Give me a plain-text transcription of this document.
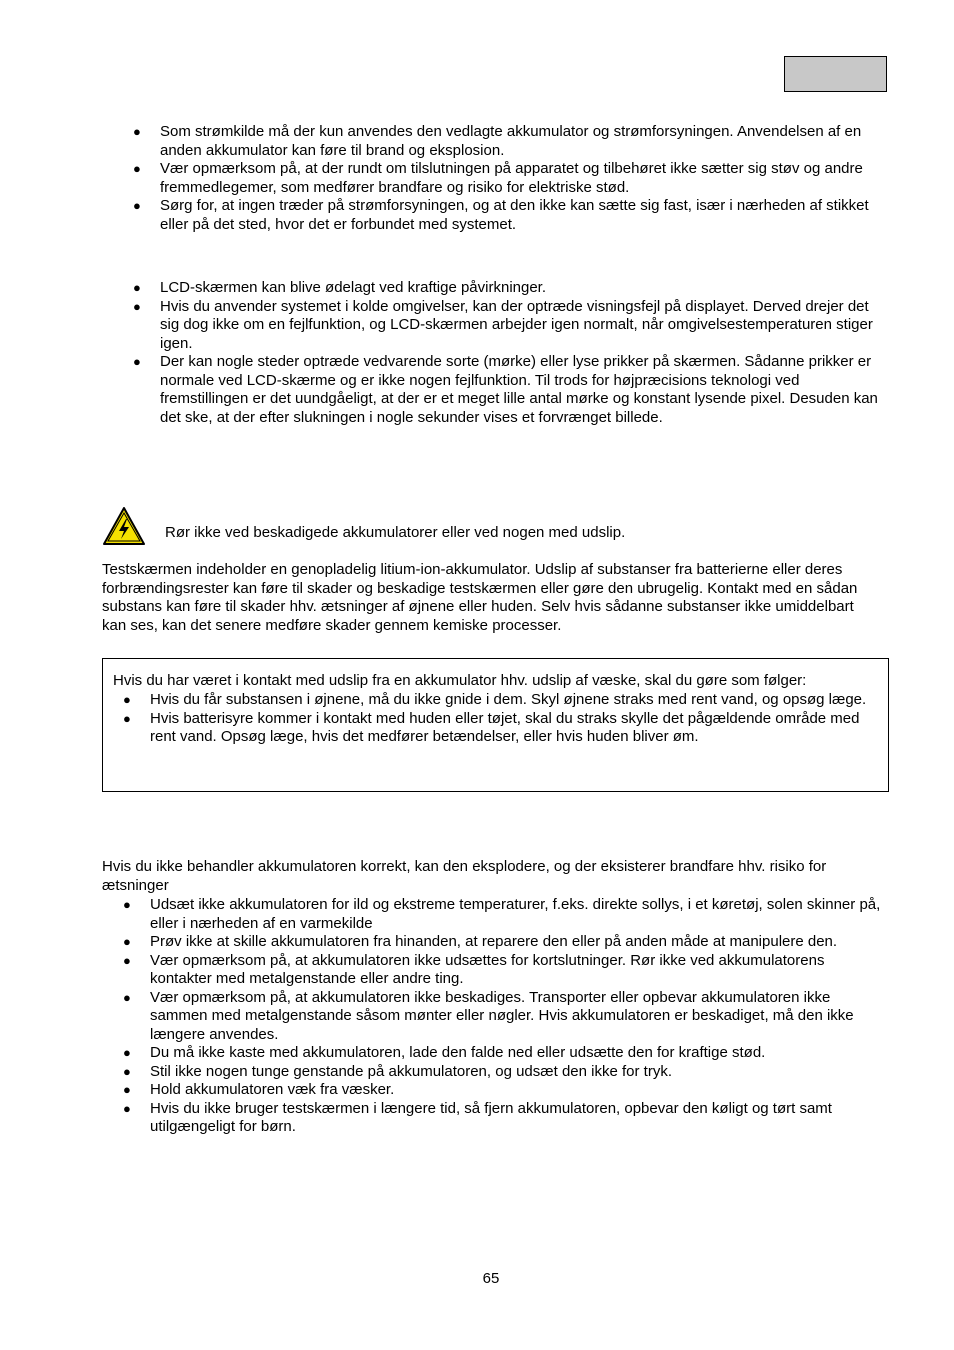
● Som strømkilde må der kun anvendes den vedlagte akkumulator og strømforsyningen. Anvendelsen af en anden akkumulator kan føre til brand og eksplosion.
● Vær opmærksom på, at der rundt om tilslutningen på apparatet og tilbehøret ikke sætter sig støv og andre fremmedlegemer, som medfører brandfare og risiko for elektriske stød.
● Sørg for, at ingen træder på strømforsyningen, og at den ikke kan sætte sig fast, især i nærheden af stikket eller på det sted, hvor det er forbundet med systemet.
● LCD-skærmen kan blive ødelagt ved kraftige påvirkninger.
● Hvis du anvender systemet i kolde omgivelser, kan der optræde visningsfejl på displayet. Derved drejer det sig dog ikke om en fejlfunktion, og LCD-skærmen arbejder igen normalt, når omgivelsestemperaturen stiger igen.
● Der kan nogle steder optræde vedvarende sorte (mørke) eller lyse prikker på skærmen. Sådanne prikker er normale ved LCD-skærme og er ikke nogen fejlfunktion. Til trods for højpræcisions teknologi ved fremstillingen er det uundgåeligt, at der er et meget lille antal mørke og konstant lysende pixel. Desuden kan det ske, at der efter slukningen i nogle sekunder vises et forvrænget billede.
Rør ikke ved beskadigede akkumulatorer eller ved nogen med udslip.

Testskærmen indeholder en genopladelig litium-ion-akkumulator. Udslip af substanser fra batterierne eller deres forbrændingsrester kan føre til skader og beskadige testskærmen eller gøre den ubrugelig. Kontakt med en sådan substans kan føre til skader hhv. ætsninger af øjnene eller huden. Selv hvis sådanne substanser ikke umiddelbart kan ses, kan det senere medføre skader gennem kemiske processer.

Hvis du har været i kontakt med udslip fra en akkumulator hhv. udslip af væske, skal du gøre som følger:

● Hvis du får substansen i øjnene, må du ikke gnide i dem. Skyl øjnene straks med rent vand, og opsøg læge.
● Hvis batterisyre kommer i kontakt med huden eller tøjet, skal du straks skylle det pågældende område med rent vand. Opsøg læge, hvis det medfører betændelser, eller hvis huden bliver øm.

Hvis du ikke behandler akkumulatoren korrekt, kan den eksplodere, og der eksisterer brandfare hhv. risiko for ætsninger

● Udsæt ikke akkumulatoren for ild og ekstreme temperaturer, f.eks. direkte sollys, i et køretøj, solen skinner på, eller i nærheden af en varmekilde
● Prøv ikke at skille akkumulatoren fra hinanden, at reparere den eller på anden måde at manipulere den.
● Vær opmærksom på, at akkumulatoren ikke udsættes for kortslutninger. Rør ikke ved akkumulatorens kontakter med metalgenstande eller andre ting.
● Vær opmærksom på, at akkumulatoren ikke beskadiges. Transporter eller opbevar akkumulatoren ikke sammen med metalgenstande såsom mønter eller nøgler. Hvis akkumulatoren er beskadiget, må den ikke længere anvendes.
● Du må ikke kaste med akkumulatoren, lade den falde ned eller udsætte den for kraftige stød.
● Stil ikke nogen tunge genstande på akkumulatoren, og udsæt den ikke for tryk.
● Hold akkumulatoren væk fra væsker.
● Hvis du ikke bruger testskærmen i længere tid, så fjern akkumulatoren, opbevar den køligt og tørt samt utilgængeligt for børn.
65
